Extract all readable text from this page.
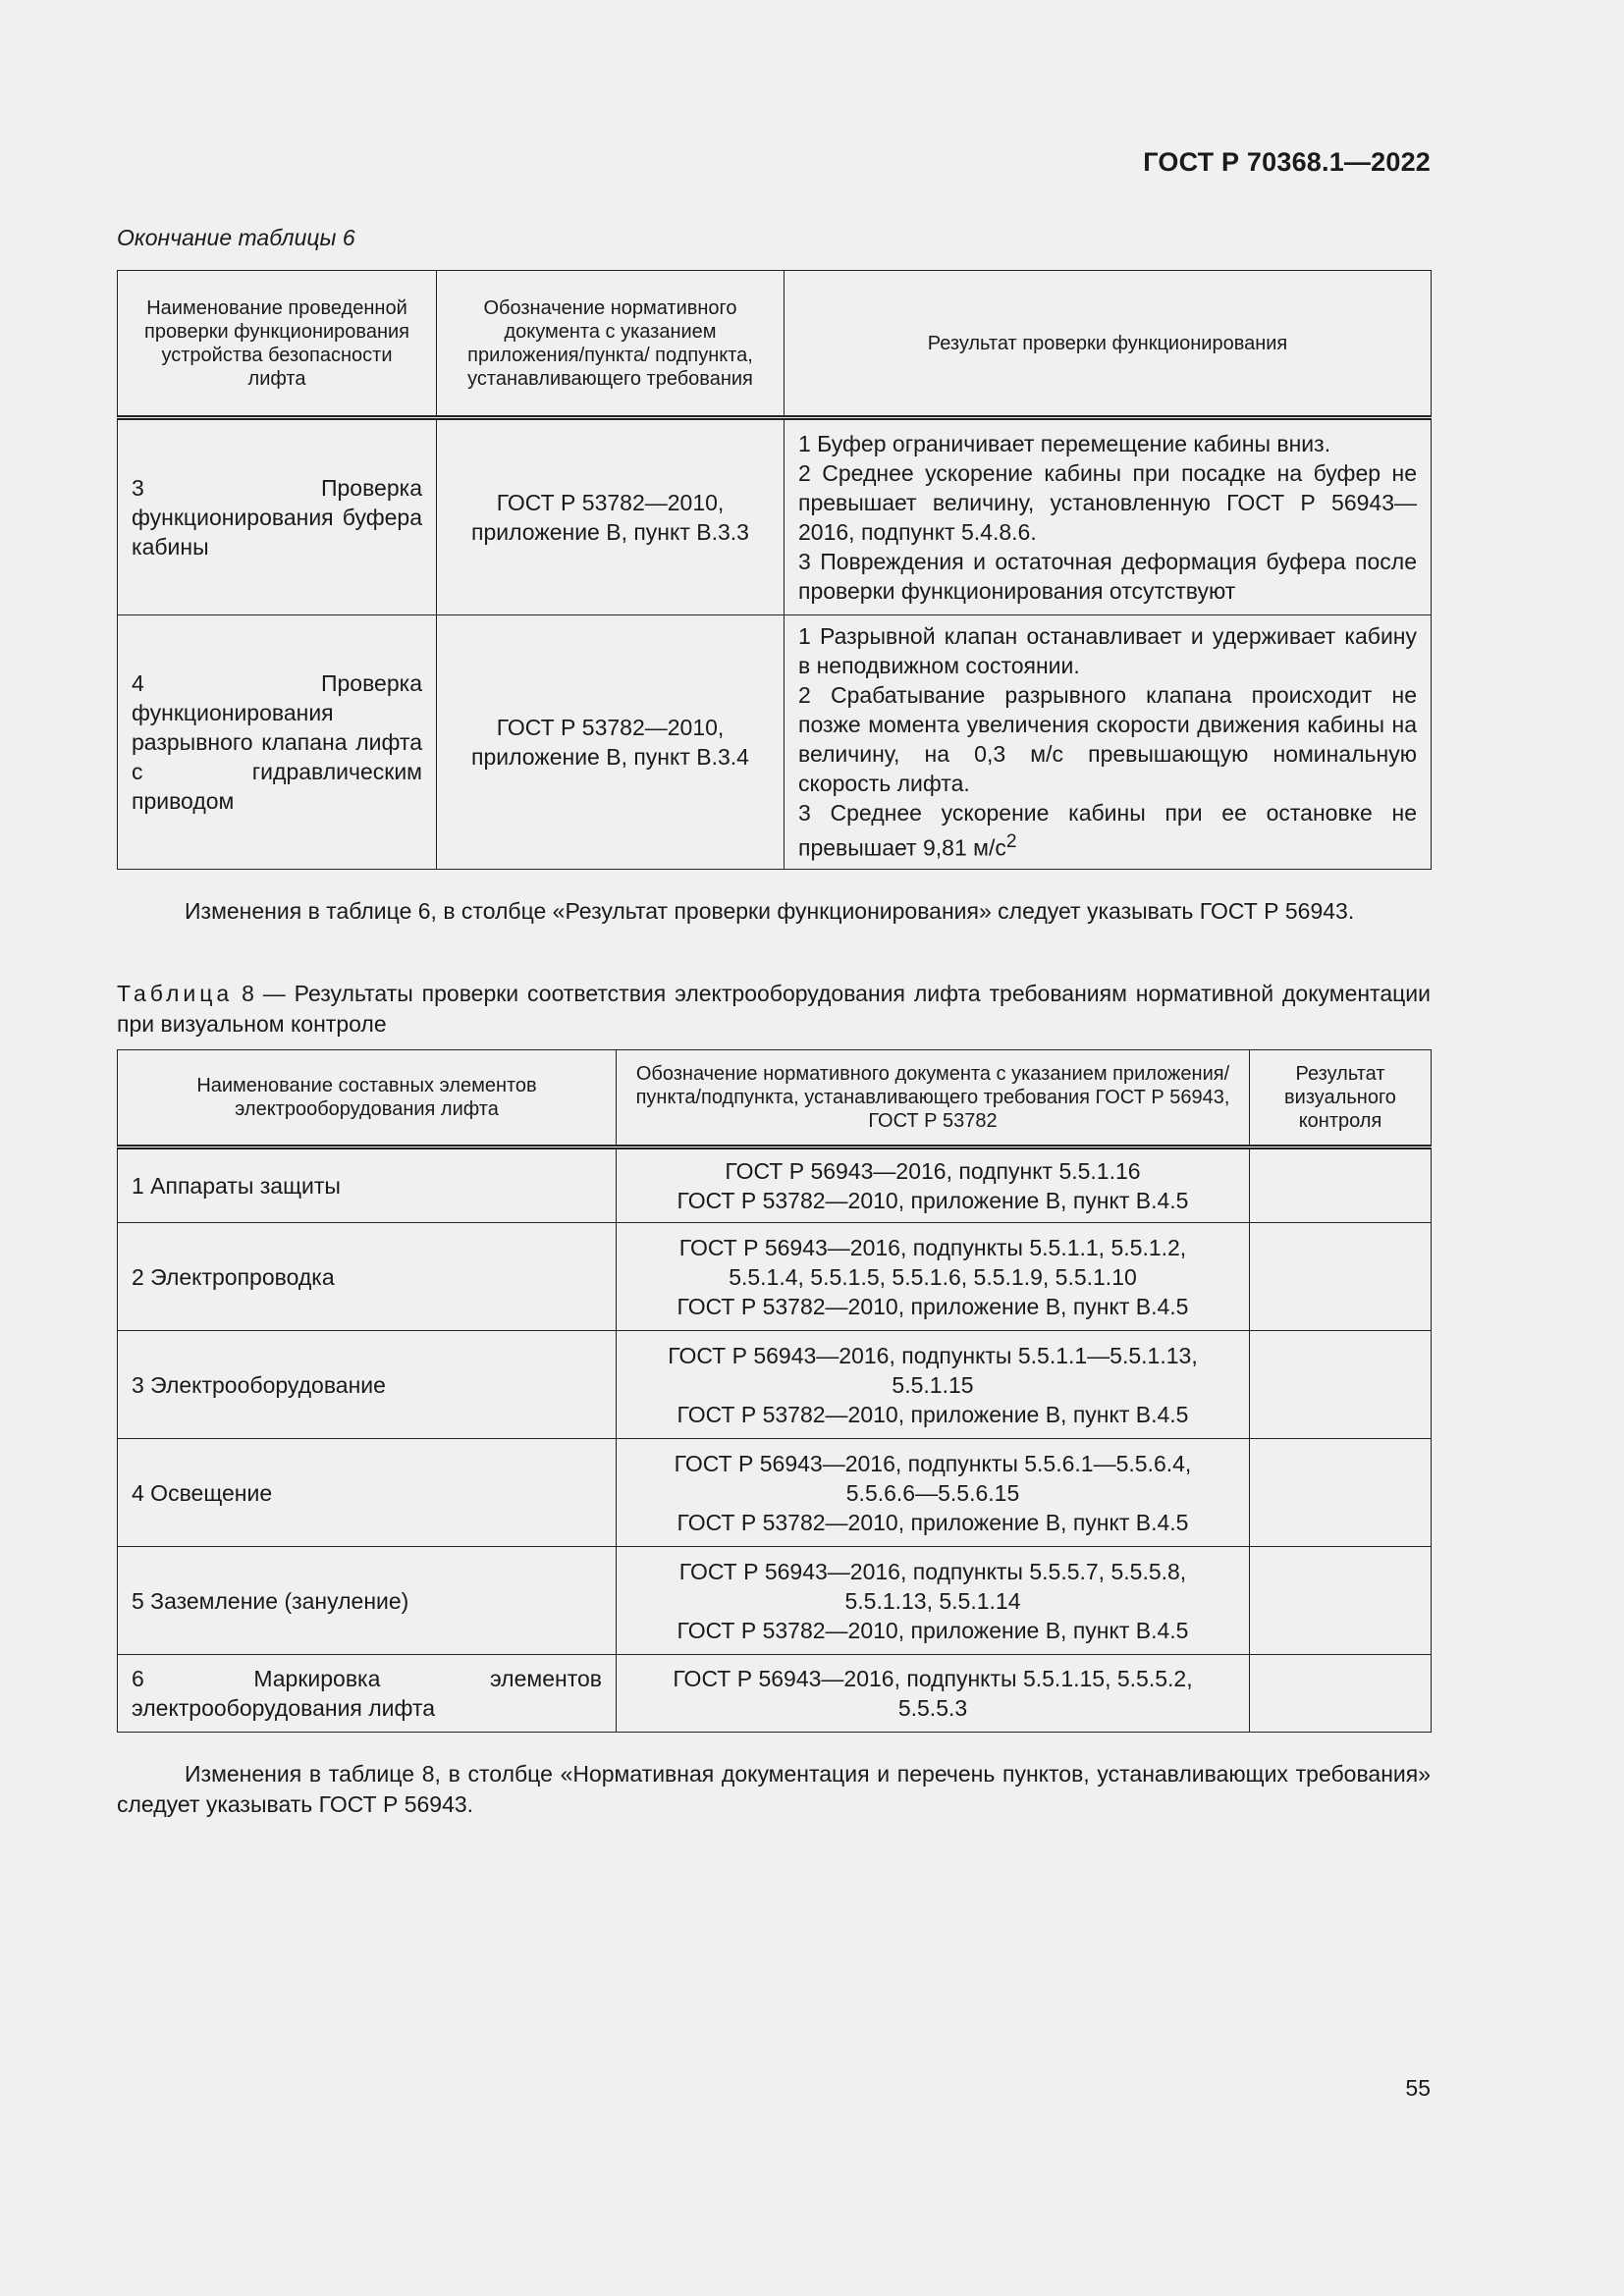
ГОСТ Р 70368.1—2022
Окончание таблицы 6
Наименование проведенной проверки функционирования устройства безопасности лифта	Обозначение нормативного документа с указанием приложения/пункта/ подпункта, устанавливающего требования	Результат проверки функционирования
3 Проверка функционирования буфера кабины	ГОСТ Р 53782—2010, приложение В, пункт В.3.3	1 Буфер ограничивает перемещение кабины вниз.
2 Среднее ускорение кабины при посадке на буфер не превышает величину, установленную ГОСТ Р 56943—2016, подпункт 5.4.8.6.
3 Повреждения и остаточная деформация буфера после проверки функционирования отсутствуют

4 Проверка функционирования разрывного клапана лифта с гидравлическим приводом	ГОСТ Р 53782—2010, приложение В, пункт В.3.4	1 Разрывной клапан останавливает и удерживает кабину в неподвижном состоянии.
2 Срабатывание разрывного клапана происходит не позже момента увеличения скорости движения кабины на величину, на 0,3 м/с превышающую номинальную скорость лифта.
3 Среднее ускорение кабины при ее остановке не превышает 9,81 $м/с^2$
Изменения в таблице 6, в столбце «Результат проверки функционирования» следует указывать ГОСТ Р 56943.
Таблица 8 — Результаты проверки соответствия электрооборудования лифта требованиям нормативной документации при визуальном контроле
Наименование составных элементов электрооборудования лифта	Обозначение нормативного документа с указанием приложения/пункта/подпункта, устанавливающего требования ГОСТ Р 56943, ГОСТ Р 53782	Результат визуального контроля
1 Аппараты защиты	ГОСТ Р 56943—2016, подпункт 5.5.1.16
ГОСТ Р 53782—2010, приложение В, пункт В.4.5	

2 Электропроводка	ГОСТ Р 56943—2016, подпункты 5.5.1.1, 5.5.1.2,
5.5.1.4, 5.5.1.5, 5.5.1.6, 5.5.1.9, 5.5.1.10
ГОСТ Р 53782—2010, приложение В, пункт В.4.5	

3 Электрооборудование	ГОСТ Р 56943—2016, подпункты 5.5.1.1—5.5.1.13,
5.5.1.15
ГОСТ Р 53782—2010, приложение В, пункт В.4.5	

4 Освещение	ГОСТ Р 56943—2016, подпункты 5.5.6.1—5.5.6.4,
5.5.6.6—5.5.6.15
ГОСТ Р 53782—2010, приложение В, пункт В.4.5	

5 Заземление (зануление)	ГОСТ Р 56943—2016, подпункты 5.5.5.7, 5.5.5.8,
5.5.1.13, 5.5.1.14
ГОСТ Р 53782—2010, приложение В, пункт В.4.5	

6 Маркировка элементов электрооборудования лифта	ГОСТ Р 56943—2016, подпункты 5.5.1.15, 5.5.5.2,
5.5.5.3	

Изменения в таблице 8, в столбце «Нормативная документация и перечень пунктов, устанавливающих требования» следует указывать ГОСТ Р 56943.
55
